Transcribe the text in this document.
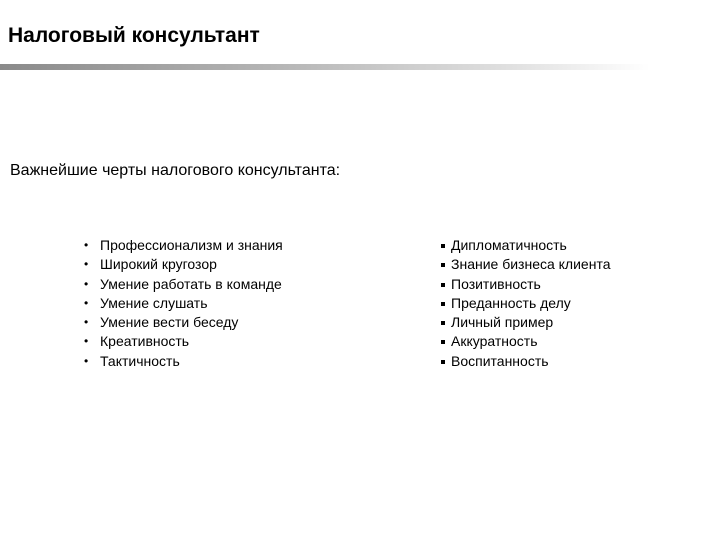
Налоговый консультант
Важнейшие черты налогового консультанта:
• Профессионализм и знания
• Широкий кругозор
• Умение работать в команде
• Умение слушать
• Умение вести беседу
• Креативность
• Тактичность
Дипломатичность
Знание бизнеса клиента
Позитивность
Преданность делу
Личный пример
Аккуратность
Воспитанность
